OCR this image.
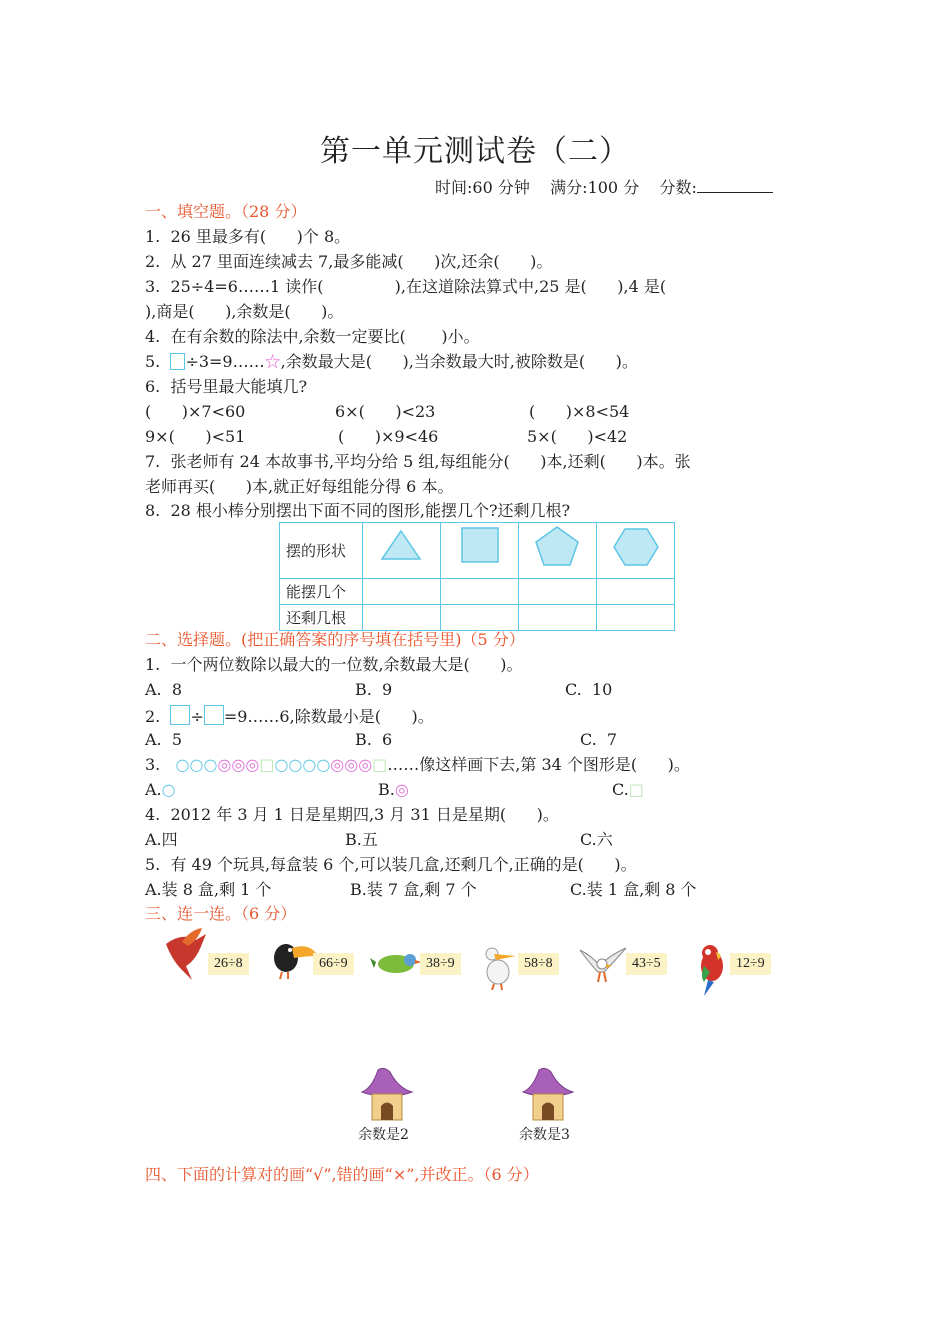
第一单元测试卷（二）
时间:60 分钟    满分:100 分    分数:
一、填空题。（28 分）
1.  26 里最多有(      )个 8。
2.  从 27 里面连续减去 7,最多能减(      )次,还余(      )。
3.  25÷4=6……1 读作(              ),在这道除法算式中,25 是(      ),4 是(
),商是(      ),余数是(      )。
4.  在有余数的除法中,余数一定要比(       )小。
5. ÷3=9……☆,余数最大是(      ),当余数最大时,被除数是(      )。
6.  括号里最大能填几?
(      )×7<60	6×(      )<23	(      )×8<54
9×(      )<51	(      )×9<46	5×(      )<42
7.  张老师有 24 本故事书,平均分给 5 组,每组能分(      )本,还剩(      )本。张
老师再买(      )本,就正好每组能分得 6 本。
8.  28 根小棒分别摆出下面不同的图形,能摆几个?还剩几根?
摆的形状				
能摆几个				
还剩几根				
二、选择题。(把正确答案的序号填在括号里)（5 分）
1.  一个两位数除以最大的一位数,余数最大是(      )。
A.  8	B.  9	C.  10
2. ÷ =9……6,除数最小是(      )。
A.  5	B.  6	C.  7
3. ○○○◎◎◎□○○○○◎◎◎□……像这样画下去,第 34 个图形是(      )。
A.○	B.◎	C.□
4.  2012 年 3 月 1 日是星期四,3 月 31 日是星期(      )。
A.四	B.五	C.六
5.  有 49 个玩具,每盒装 6 个,可以装几盒,还剩几个,正确的是(      )。
A.装 8 盒,剩 1 个	B.装 7 盒,剩 7 个	C.装 1 盒,剩 8 个
三、连一连。（6 分）
26÷8	66÷9	38÷9	58÷8	43÷5	12÷9
余数是2	余数是3
四、下面的计算对的画“√”,错的画“×”,并改正。（6 分）
